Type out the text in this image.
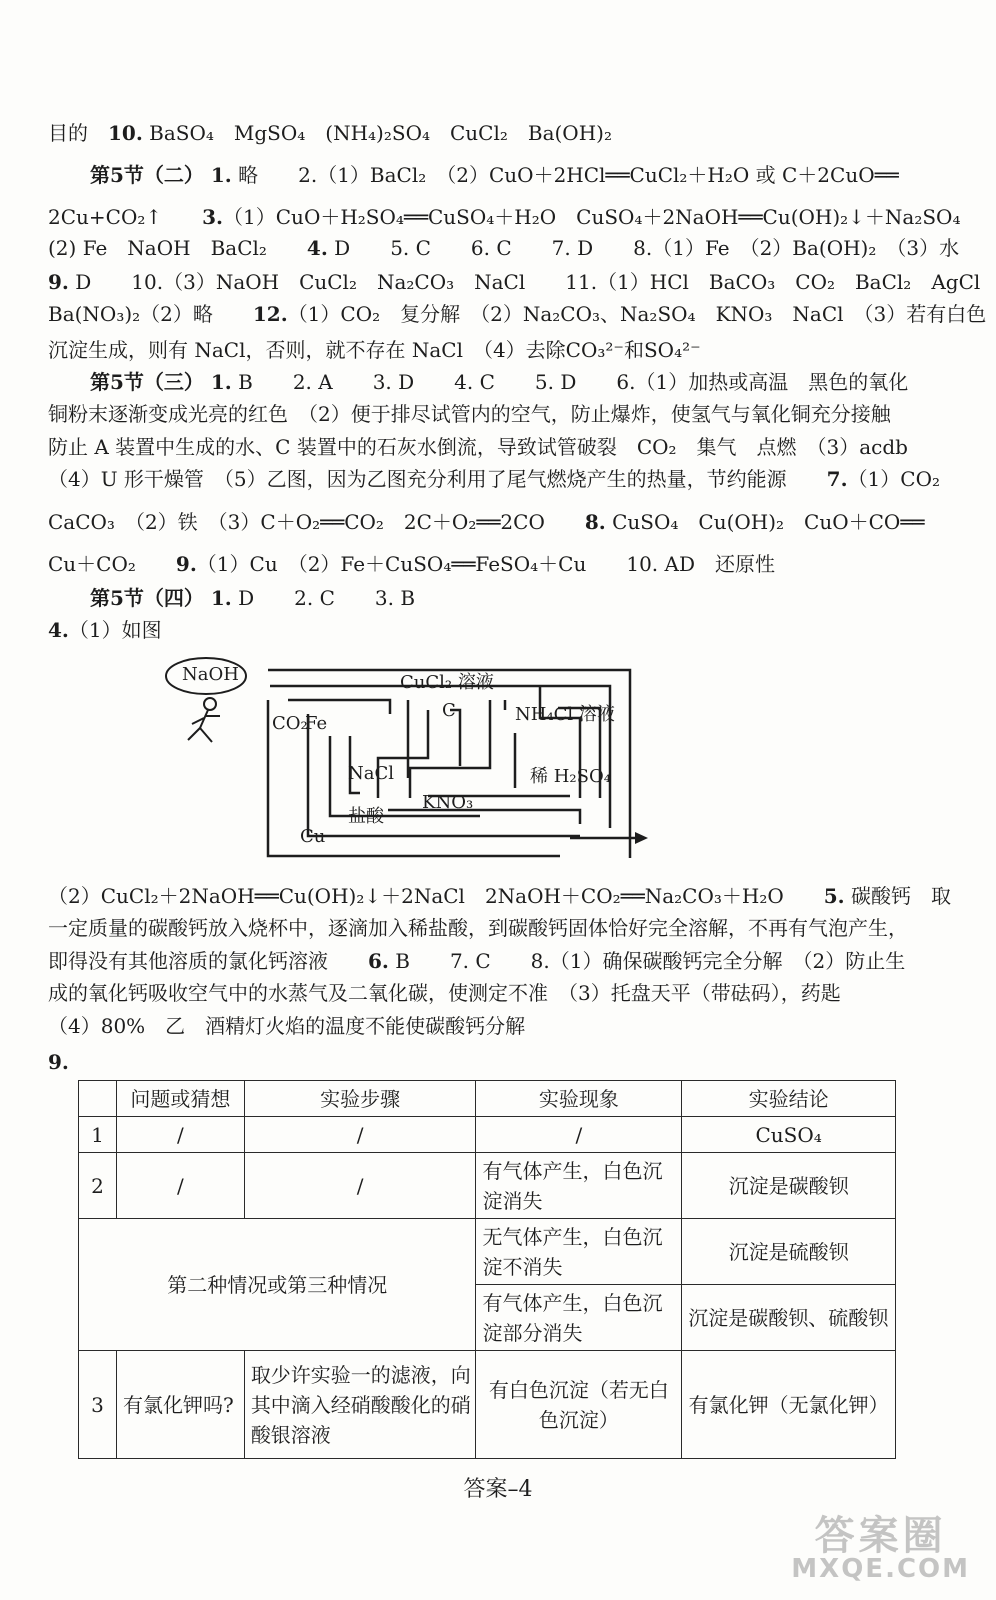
目的　10. BaSO₄　MgSO₄　(NH₄)₂SO₄　CuCl₂　Ba(OH)₂
第5节（二） 1. 略　　2.（1）BaCl₂　（2）CuO＋2HCl══CuCl₂＋H₂O 或 C＋2CuO══
2Cu+CO₂↑　　3.（1）CuO＋H₂SO₄══CuSO₄＋H₂O　CuSO₄＋2NaOH══Cu(OH)₂↓＋Na₂SO₄
(2) Fe　NaOH　BaCl₂　　4. D　　5. C　　6. C　　7. D　　8.（1）Fe　（2）Ba(OH)₂　（3）水
9. D　　10.（3）NaOH　CuCl₂　Na₂CO₃　NaCl　　11.（1）HCl　BaCO₃　CO₂　BaCl₂　AgCl
Ba(NO₃)₂（2）略　　12.（1）CO₂　复分解　（2）Na₂CO₃、Na₂SO₄　KNO₃　NaCl　（3）若有白色
沉淀生成，则有 NaCl，否则，就不存在 NaCl　（4）去除CO₃²⁻和SO₄²⁻
第5节（三） 1. B　　2. A　　3. D　　4. C　　5. D　　6.（1）加热或高温　黑色的氧化
铜粉末逐渐变成光亮的红色　（2）便于排尽试管内的空气，防止爆炸，使氢气与氧化铜充分接触
防止 A 装置中生成的水、C 装置中的石灰水倒流，导致试管破裂　CO₂　集气　点燃　（3）acdb
（4）U 形干燥管　（5）乙图，因为乙图充分利用了尾气燃烧产生的热量，节约能源　　7.（1）CO₂
CaCO₃　（2）铁　（3）C＋O₂══CO₂　2C＋O₂══2CO　　8. CuSO₄　Cu(OH)₂　CuO＋CO══
Cu＋CO₂　　9.（1）Cu　（2）Fe＋CuSO₄══FeSO₄＋Cu　　10. AD　还原性
第5节（四） 1. D　　2. C　　3. B
4.（1）如图
NaOH	CuCl₂ 溶液
C	NH₄Cl 溶液
CO₂
Fe
NaCl	稀 H₂SO₄
KNO₃
盐酸
Cu
（2）CuCl₂＋2NaOH══Cu(OH)₂↓＋2NaCl　2NaOH＋CO₂══Na₂CO₃＋H₂O　　5. 碳酸钙　取
一定质量的碳酸钙放入烧杯中，逐滴加入稀盐酸，到碳酸钙固体恰好完全溶解，不再有气泡产生，
即得没有其他溶质的氯化钙溶液　　6. B　　7. C　　8.（1）确保碳酸钙完全分解　（2）防止生
成的氧化钙吸收空气中的水蒸气及二氧化碳，使测定不准　（3）托盘天平（带砝码），药匙
（4）80%　乙　酒精灯火焰的温度不能使碳酸钙分解
9.
	问题或猜想	实验步骤	实验现象	实验结论
1	/	/	/	CuSO₄
2	/	/	有气体产生，白色沉淀消失	沉淀是碳酸钡
第二种情况或第三种情况			无气体产生，白色沉淀不消失	沉淀是硫酸钡
			有气体产生，白色沉淀部分消失	沉淀是碳酸钡、硫酸钡
3	有氯化钾吗?	取少许实验一的滤液，向其中滴入经硝酸酸化的硝酸银溶液	有白色沉淀（若无白色沉淀）	有氯化钾（无氯化钾）
答案–4
答案圈
MXQE.COM
